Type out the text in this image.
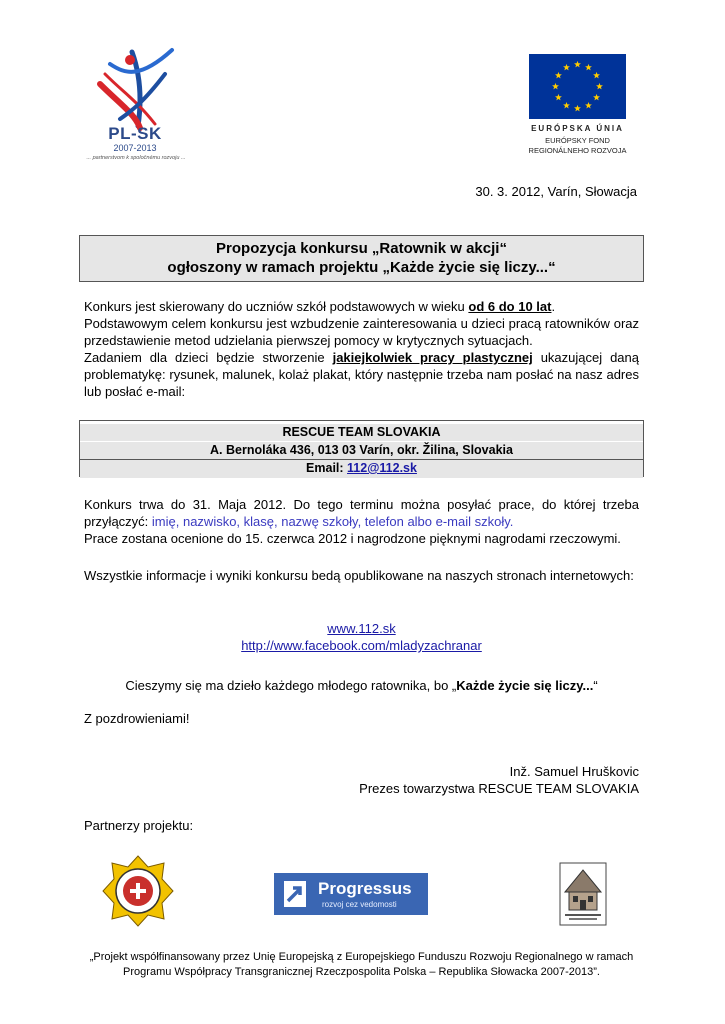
PL-SK
2007-2013
... partnerstvom k spoločnému rozvoju ...
EURÓPSKA ÚNIA
EURÓPSKY FOND
REGIONÁLNEHO ROZVOJA
30. 3. 2012, Varín, Słowacja
Propozycja konkursu „Ratownik w akcji“
ogłoszony w ramach projektu „Każde życie się liczy...“

Konkurs jest skierowany do uczniów szkół podstawowych w wieku od 6 do 10 lat.

Podstawowym celem konkursu jest wzbudzenie zainteresowania u dzieci pracą ratowników oraz przedstawienie metod udzielania pierwszej pomocy w krytycznych sytuacjach.

Zadaniem dla dzieci będzie stworzenie jakiejkolwiek pracy plastycznej ukazującej daną problematykę: rysunek, malunek, kolaż plakat, który następnie trzeba nam posłać na nasz adres lub posłać e-mail:

RESCUE TEAM SLOVAKIA
A. Bernoláka 436, 013 03 Varín, okr. Žilina, Slovakia
Email: 112@112.sk

Konkurs trwa do 31. Maja 2012. Do tego terminu można posyłać prace, do której trzeba przyłączyć: imię, nazwisko, klasę, nazwę szkoły, telefon albo e-mail szkoły.

Prace zostana ocenione do 15. czerwca 2012 i nagrodzone pięknymi nagrodami rzeczowymi.

Wszystkie informacje i wyniki konkursu bedą opublikowane na naszych stronach internetowych:

www.112.sk

http://www.facebook.com/mladyzachranar

Cieszymy się ma dzieło każdego młodego ratownika, bo „Każde życie się liczy...“
Z pozdrowieniami!
Inž. Samuel Hruškovic
Prezes towarzystwa RESCUE TEAM SLOVAKIA
Partnerzy projektu:
Progressus
rozvoj cez vedomosti

„Projekt współfinansowany przez Unię Europejską z Europejskiego Funduszu Rozwoju Regionalnego w ramach

Programu Współpracy Transgranicznej Rzeczpospolita Polska – Republika Słowacka 2007-2013”.
